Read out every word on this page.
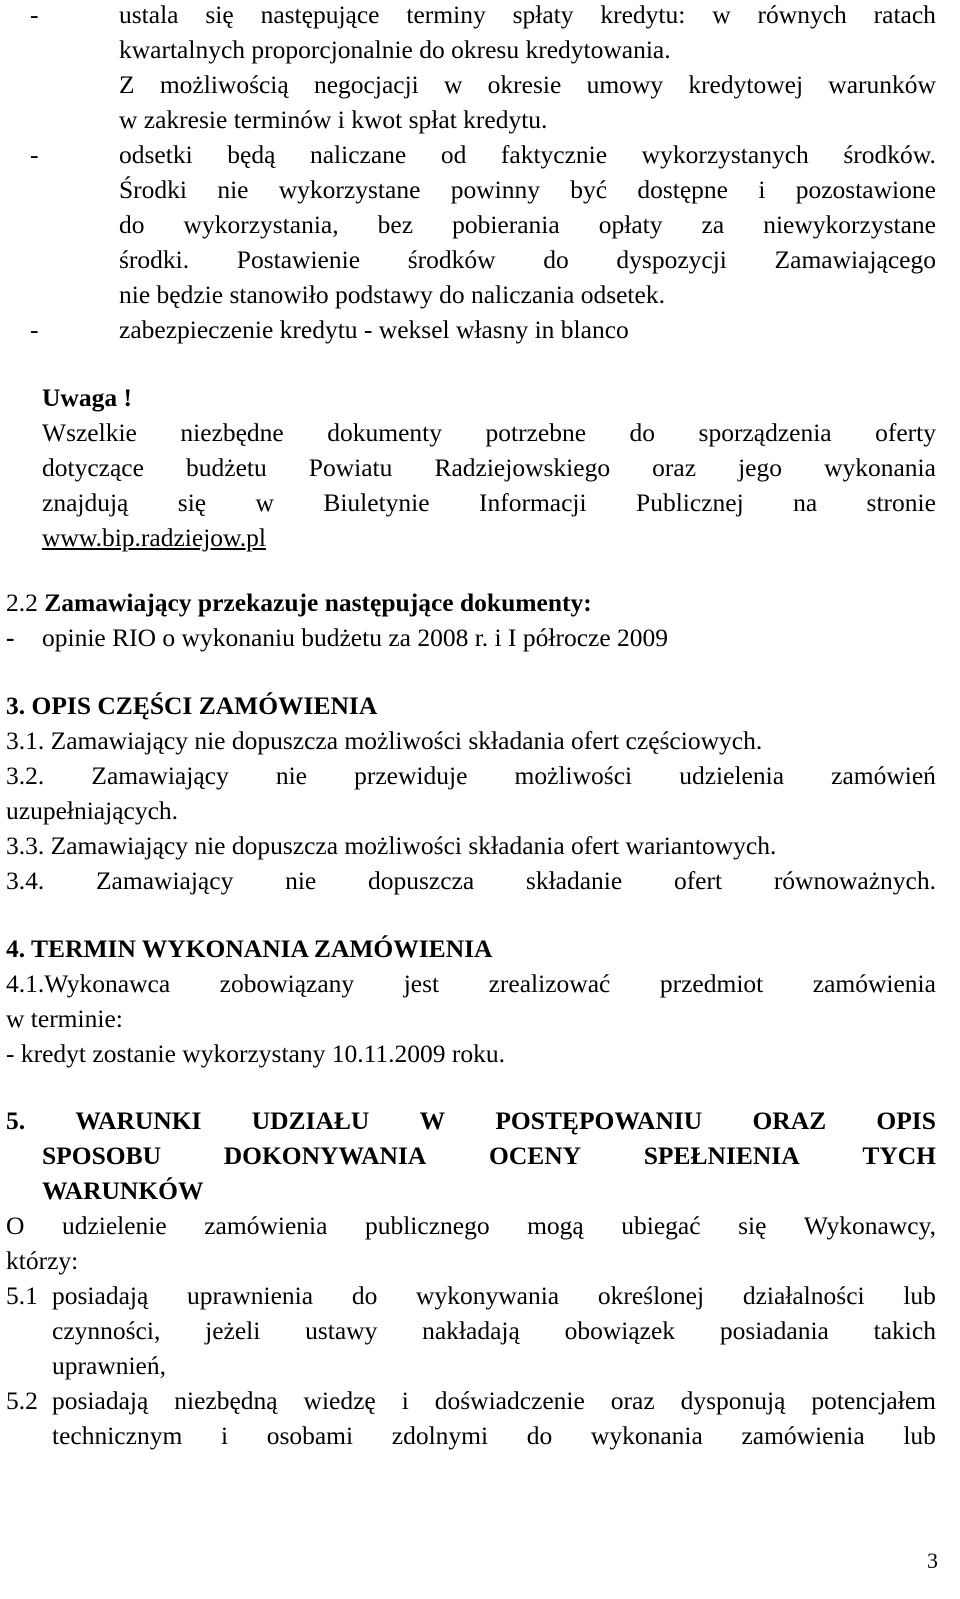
-	ustala się następujące terminy spłaty kredytu: w równych ratach
kwartalnych proporcjonalnie do okresu kredytowania.
Z możliwością negocjacji w okresie umowy kredytowej warunków
w zakresie terminów i kwot spłat kredytu.
-	odsetki będą naliczane od faktycznie wykorzystanych środków.
Środki nie wykorzystane powinny być dostępne i pozostawione
do wykorzystania, bez pobierania opłaty za niewykorzystane
środki. Postawienie środków do dyspozycji Zamawiającego
nie będzie stanowiło podstawy do naliczania odsetek.
-	zabezpieczenie kredytu - weksel własny in blanco
Uwaga !
Wszelkie niezbędne dokumenty potrzebne do sporządzenia oferty
dotyczące budżetu Powiatu Radziejowskiego oraz jego wykonania
znajdują się w Biuletynie Informacji Publicznej na stronie
www.bip.radziejow.pl
2.2 Zamawiający przekazuje następujące dokumenty:
- opinie RIO o wykonaniu budżetu za 2008 r. i I półrocze 2009
3. OPIS CZĘŚCI ZAMÓWIENIA
3.1. Zamawiający nie dopuszcza możliwości składania ofert częściowych.
3.2. Zamawiający nie przewiduje możliwości udzielenia zamówień
uzupełniających.
3.3. Zamawiający nie dopuszcza możliwości składania ofert wariantowych.
3.4. Zamawiający nie dopuszcza składanie ofert równoważnych.
4. TERMIN WYKONANIA ZAMÓWIENIA
4.1.Wykonawca zobowiązany jest zrealizować przedmiot zamówienia
w terminie:
- kredyt zostanie wykorzystany 10.11.2009 roku.
5. WARUNKI UDZIAŁU W POSTĘPOWANIU ORAZ OPIS
SPOSOBU DOKONYWANIA OCENY SPEŁNIENIA TYCH
WARUNKÓW
O udzielenie zamówienia publicznego mogą ubiegać się Wykonawcy,
którzy:
5.1 posiadają uprawnienia do wykonywania określonej działalności lub
czynności, jeżeli ustawy nakładają obowiązek posiadania takich
uprawnień,
5.2 posiadają niezbędną wiedzę i doświadczenie oraz dysponują potencjałem
technicznym i osobami zdolnymi do wykonania zamówienia lub
3
